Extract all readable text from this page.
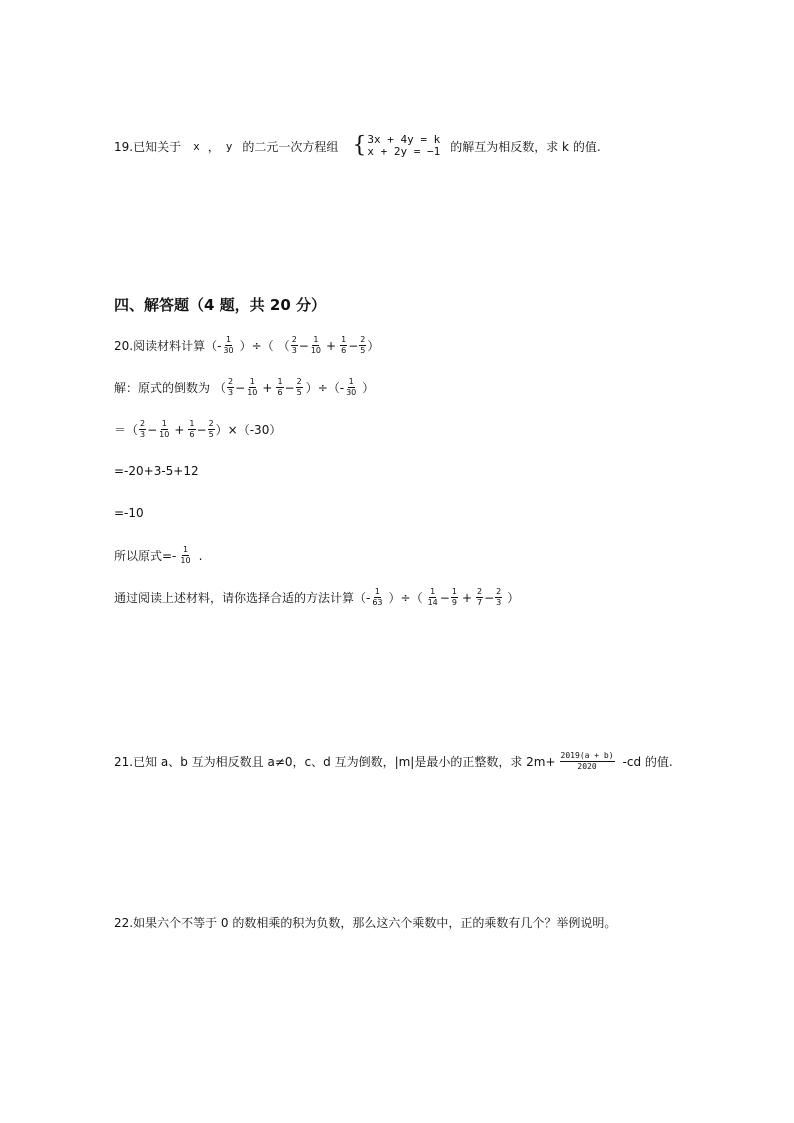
19.已知关于 x ， y 的二元一次方程组 { 3x + 4y = k
x + 2y = −1 的解互为相反数，求 k 的值.
四、解答题（4 题，共 20 分）
20.阅读材料计算（- $\frac{1}{30}$ ）÷（ （ $\frac{2}{3} - \frac{1}{10} + \frac{1}{6} - \frac{2}{5}$ ）
解：原式的倒数为 （ $\frac{2}{3} - \frac{1}{10} + \frac{1}{6} - \frac{2}{5}$ ）÷（- $\frac{1}{30}$ ）
＝（ $\frac{2}{3} - \frac{1}{10} + \frac{1}{6} - \frac{2}{5} )\times(-30)$
=-20+3-5+12
=-10
所以原式=- $\frac{1}{10}$ .
通过阅读上述材料，请你选择合适的方法计算（- $\frac{1}{63}$ ）÷（ $\frac{1}{14} - \frac{1}{9} + \frac{2}{7} - \frac{2}{3}$ ）
21.已知 a、b 互为相反数且 a≠0，c、d 互为倒数，|m|是最小的正整数，求 $2m+ \frac{2019(a + b)}{2020} -cd$ 的值.
22.如果六个不等于 0 的数相乘的积为负数，那么这六个乘数中，正的乘数有几个？举例说明。
